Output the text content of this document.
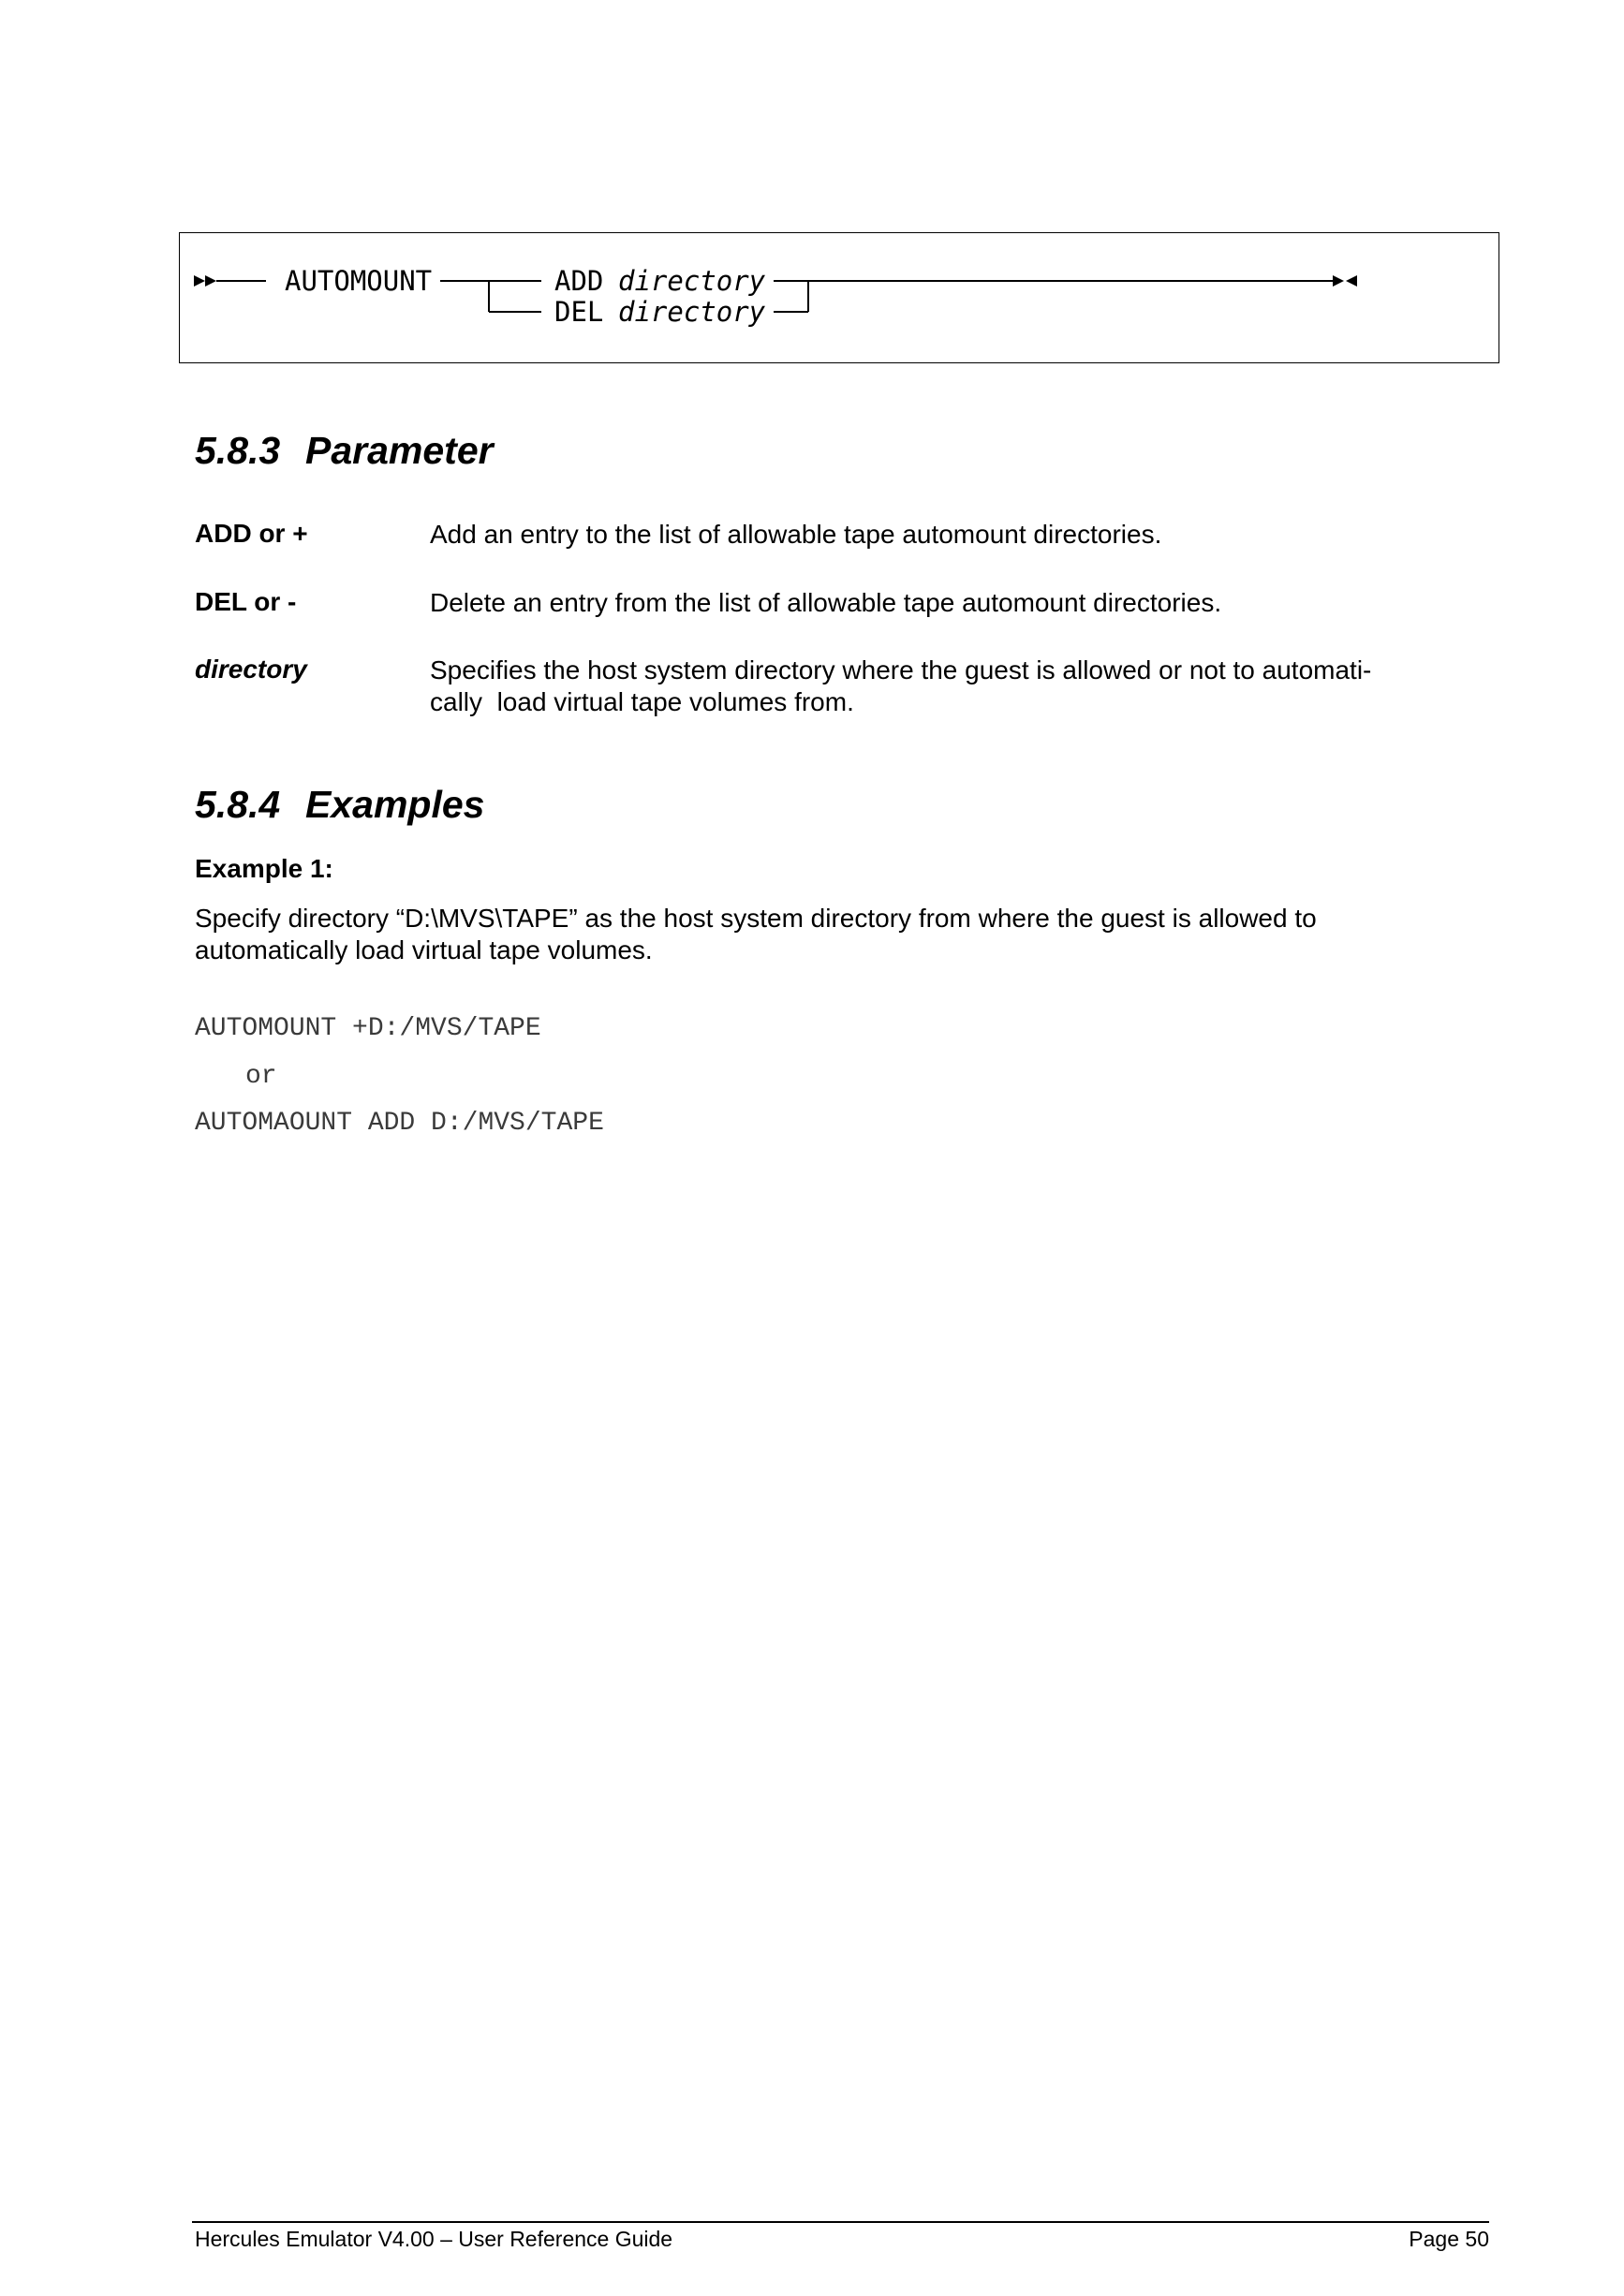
AUTOMOUNT	ADD directory
DEL directory
5.8.3 Parameter
ADD or +	Add an entry to the list of allowable tape automount directories.
DEL or -	Delete an entry from the list of allowable tape automount directories.
directory	Specifies the host system directory where the guest is allowed or not to automati-
cally  load virtual tape volumes from.
5.8.4 Examples
Example 1:
Specify directory “D:\MVS\TAPE” as the host system directory from where the guest is allowed to
automatically load virtual tape volumes.
AUTOMOUNT +D:/MVS/TAPE
or
AUTOMAOUNT ADD D:/MVS/TAPE
Hercules Emulator V4.00 – User Reference Guide	Page 50
